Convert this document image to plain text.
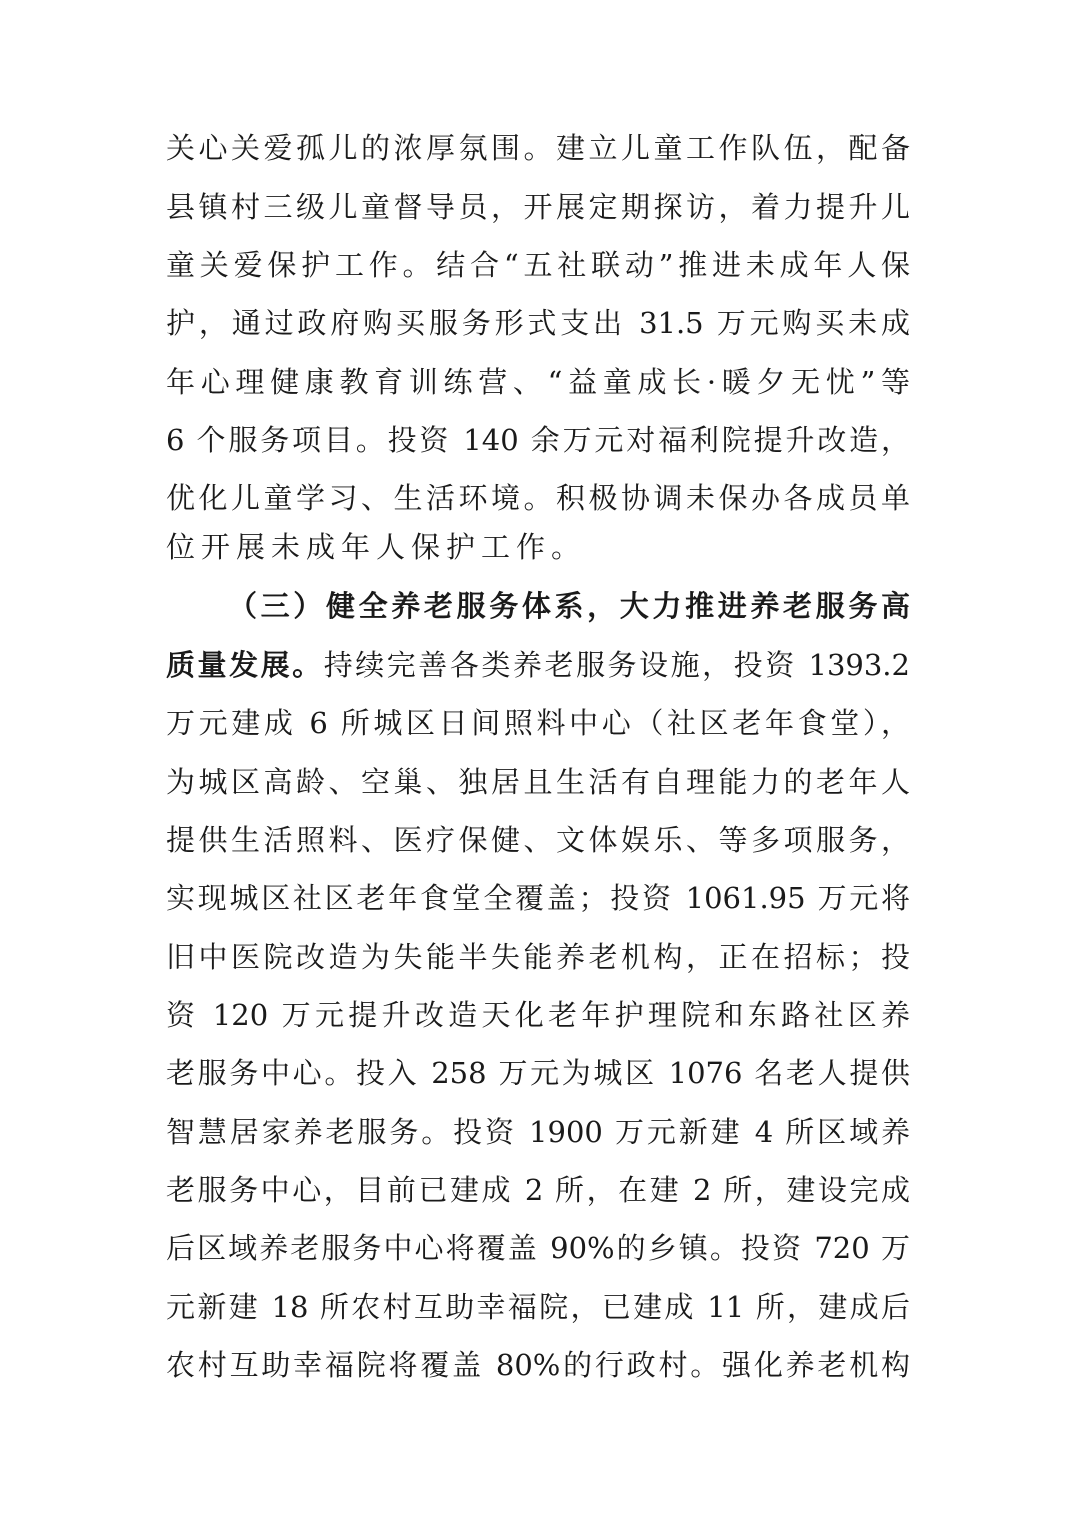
关心关爱孤儿的浓厚氛围。建立儿童工作队伍，配备
县镇村三级儿童督导员，开展定期探访，着力提升儿
童关爱保护工作。结合“五社联动”推进未成年人保
护，通过政府购买服务形式支出 31.5 万元购买未成
年心理健康教育训练营、“益童成长·暖夕无忧”等
6 个服务项目。投资 140 余万元对福利院提升改造，
优化儿童学习、生活环境。积极协调未保办各成员单
位开展未成年人保护工作。
（三）健全养老服务体系，大力推进养老服务高
质量发展。持续完善各类养老服务设施，投资 1393.2
万元建成 6 所城区日间照料中心（社区老年食堂），
为城区高龄、空巢、独居且生活有自理能力的老年人
提供生活照料、医疗保健、文体娱乐、等多项服务，
实现城区社区老年食堂全覆盖；投资 1061.95 万元将
旧中医院改造为失能半失能养老机构，正在招标；投
资 120 万元提升改造天化老年护理院和东路社区养
老服务中心。投入 258 万元为城区 1076 名老人提供
智慧居家养老服务。投资 1900 万元新建 4 所区域养
老服务中心，目前已建成 2 所，在建 2 所，建设完成
后区域养老服务中心将覆盖 90%的乡镇。投资 720 万
元新建 18 所农村互助幸福院，已建成 11 所，建成后
农村互助幸福院将覆盖 80%的行政村。强化养老机构
